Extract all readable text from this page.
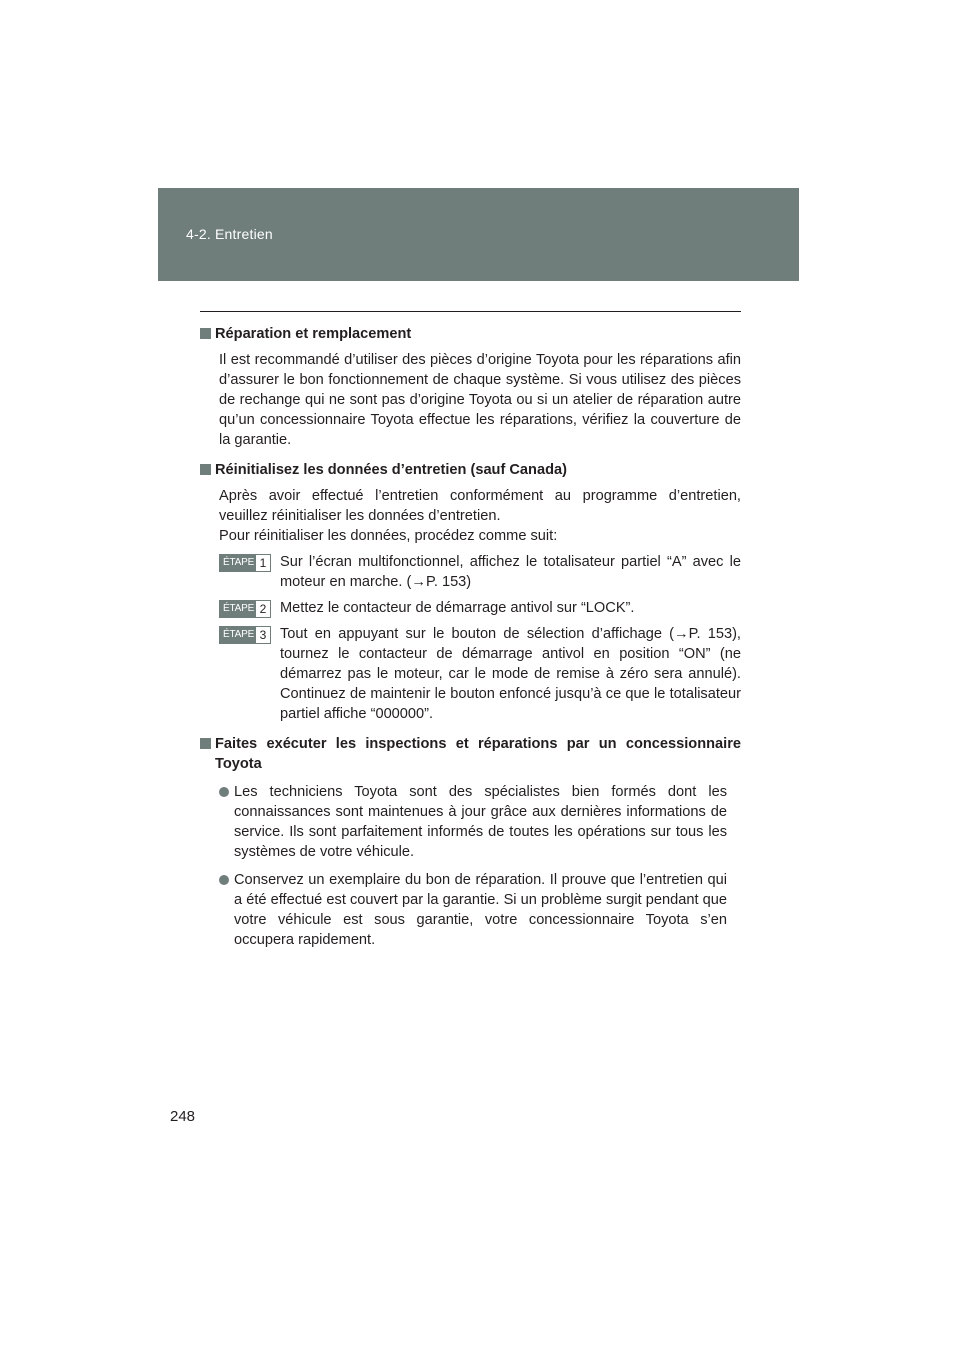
4-2. Entretien
Réparation et remplacement
Il est recommandé d’utiliser des pièces d’origine Toyota pour les réparations afin d’assurer le bon fonctionnement de chaque système. Si vous utilisez des pièces de rechange qui ne sont pas d’origine Toyota ou si un atelier de réparation autre qu’un concessionnaire Toyota effectue les réparations, vérifiez la couverture de la garantie.
Réinitialisez les données d’entretien (sauf Canada)
Après avoir effectué l’entretien conformément au programme d’entretien, veuillez réinitialiser les données d’entretien.
Pour réinitialiser les données, procédez comme suit:
ÉTAPE 1 Sur l’écran multifonctionnel, affichez le totalisateur partiel “A” avec le moteur en marche. (→P. 153)
ÉTAPE 2 Mettez le contacteur de démarrage antivol sur “LOCK”.
ÉTAPE 3 Tout en appuyant sur le bouton de sélection d’affichage (→P. 153), tournez le contacteur de démarrage antivol en position “ON” (ne démarrez pas le moteur, car le mode de remise à zéro sera annulé). Continuez de maintenir le bouton enfoncé jusqu’à ce que le totalisateur partiel affiche “000000”.
Faites exécuter les inspections et réparations par un concessionnaire Toyota
Les techniciens Toyota sont des spécialistes bien formés dont les connaissances sont maintenues à jour grâce aux dernières informations de service. Ils sont parfaitement informés de toutes les opérations sur tous les systèmes de votre véhicule.
Conservez un exemplaire du bon de réparation. Il prouve que l’entretien qui a été effectué est couvert par la garantie. Si un problème surgit pendant que votre véhicule est sous garantie, votre concessionnaire Toyota s’en occupera rapidement.
248
